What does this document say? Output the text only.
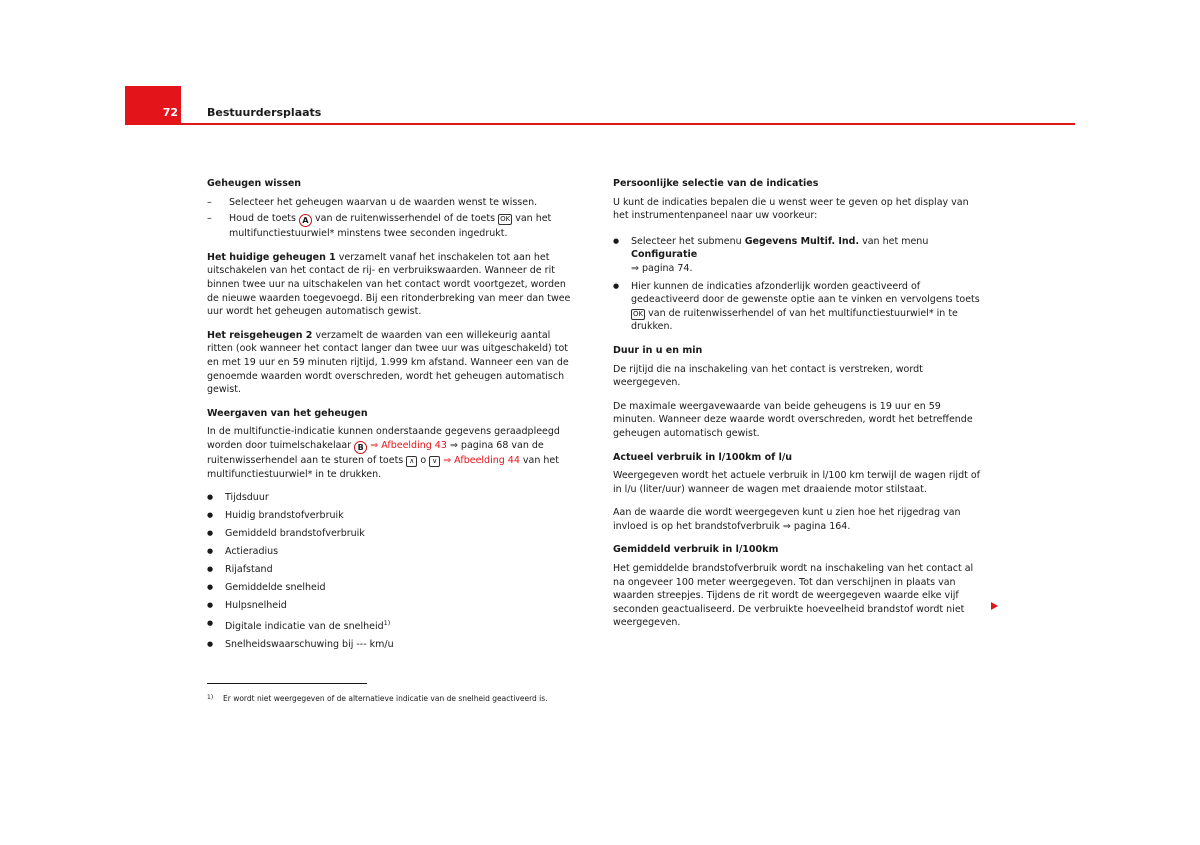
72	Bestuurdersplaats
Geheugen wissen
– Selecteer het geheugen waarvan u de waarden wenst te wissen.
– Houd de toets A van de ruitenwisserhendel of de toets OK van het multifunctiestuurwiel* minstens twee seconden ingedrukt.

Het huidige geheugen 1 verzamelt vanaf het inschakelen tot aan het uitschakelen van het contact de rij- en verbruikswaarden. Wanneer de rit binnen twee uur na uitschakelen van het contact wordt voortgezet, worden de nieuwe waarden toegevoegd. Bij een ritonderbreking van meer dan twee uur wordt het geheugen automatisch gewist.

Het reisgeheugen 2 verzamelt de waarden van een willekeurig aantal ritten (ook wanneer het contact langer dan twee uur was uitgeschakeld) tot en met 19 uur en 59 minuten rijtijd, 1.999 km afstand. Wanneer een van de genoemde waarden wordt overschreden, wordt het geheugen automatisch gewist.

Weergaven van het geheugen

In de multifunctie-indicatie kunnen onderstaande gegevens geraadpleegd worden door tuimelschakelaar B ⇒ Afbeelding 43 ⇒ pagina 68 van de ruitenwisserhendel aan te sturen of toets ∧ o ∨ ⇒ Afbeelding 44 van het multifunctiestuurwiel* in te drukken.

● Tijdsduur
● Huidig brandstofverbruik
● Gemiddeld brandstofverbruik
● Actieradius
● Rijafstand
● Gemiddelde snelheid
● Hulpsnelheid
● Digitale indicatie van de snelheid$^{1)}$
● Snelheidswaarschuwing bij --- km/u
Persoonlijke selectie van de indicaties

U kunt de indicaties bepalen die u wenst weer te geven op het display van het instrumentenpaneel naar uw voorkeur:

● Selecteer het submenu Gegevens Multif. Ind. van het menu Configuratie
⇒ pagina 74.
● Hier kunnen de indicaties afzonderlijk worden geactiveerd of gedeactiveerd door de gewenste optie aan te vinken en vervolgens toets OK van de ruitenwisserhendel of van het multifunctiestuurwiel* in te drukken.
Duur in u en min

De rijtijd die na inschakeling van het contact is verstreken, wordt weergegeven.

De maximale weergavewaarde van beide geheugens is 19 uur en 59 minuten. Wanneer deze waarde wordt overschreden, wordt het betreffende geheugen automatisch gewist.

Actueel verbruik in l/100km of l/u

Weergegeven wordt het actuele verbruik in l/100 km terwijl de wagen rijdt of in l/u (liter/uur) wanneer de wagen met draaiende motor stilstaat.

Aan de waarde die wordt weergegeven kunt u zien hoe het rijgedrag van invloed is op het brandstofverbruik ⇒ pagina 164.

Gemiddeld verbruik in l/100km

Het gemiddelde brandstofverbruik wordt na inschakeling van het contact al na ongeveer 100 meter weergegeven. Tot dan verschijnen in plaats van waarden streepjes. Tijdens de rit wordt de weergegeven waarde elke vijf seconden geactualiseerd. De verbruikte hoeveelheid brandstof wordt niet weergegeven.

1) Er wordt niet weergegeven of de alternatieve indicatie van de snelheid geactiveerd is.
